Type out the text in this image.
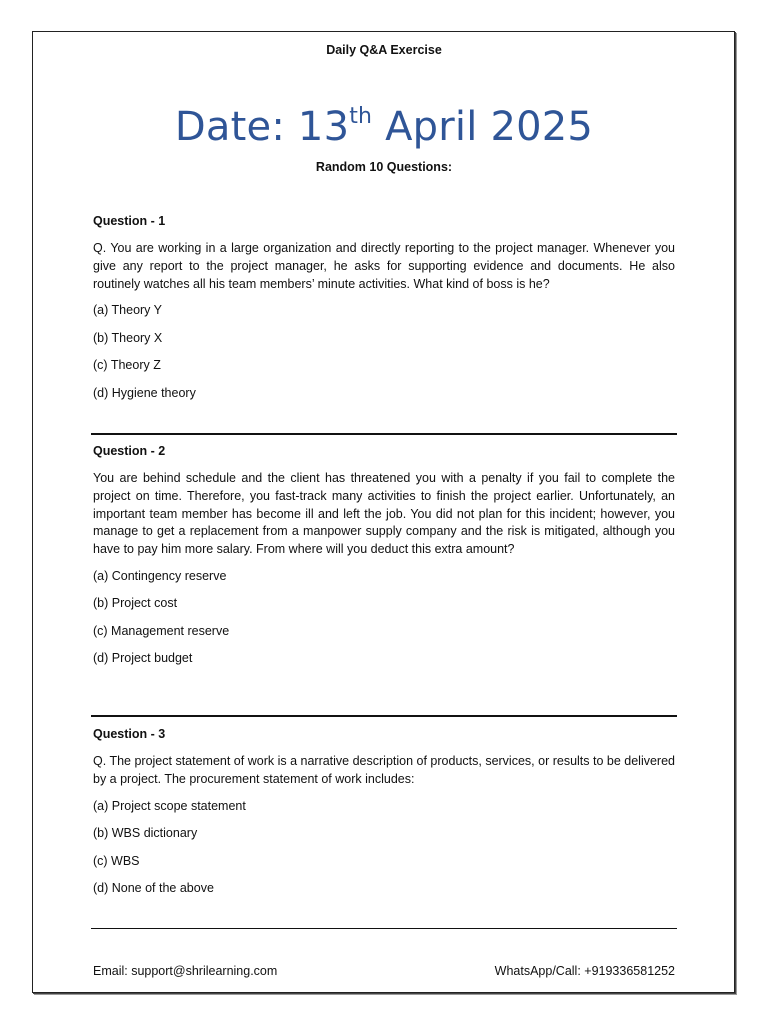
Daily Q&A Exercise
Date: 13th April 2025
Random 10 Questions:
Question - 1
Q. You are working in a large organization and directly reporting to the project manager. Whenever you give any report to the project manager, he asks for supporting evidence and documents. He also routinely watches all his team members’ minute activities. What kind of boss is he?
(a) Theory Y
(b) Theory X
(c) Theory Z
(d) Hygiene theory
Question - 2
You are behind schedule and the client has threatened you with a penalty if you fail to complete the project on time. Therefore, you fast-track many activities to finish the project earlier. Unfortunately, an important team member has become ill and left the job. You did not plan for this incident; however, you manage to get a replacement from a manpower supply company and the risk is mitigated, although you have to pay him more salary. From where will you deduct this extra amount?
(a) Contingency reserve
(b) Project cost
(c) Management reserve
(d) Project budget
Question - 3
Q. The project statement of work is a narrative description of products, services, or results to be delivered by a project. The procurement statement of work includes:
(a) Project scope statement
(b) WBS dictionary
(c) WBS
(d) None of the above
Email: support@shrilearning.com	WhatsApp/Call: +919336581252
